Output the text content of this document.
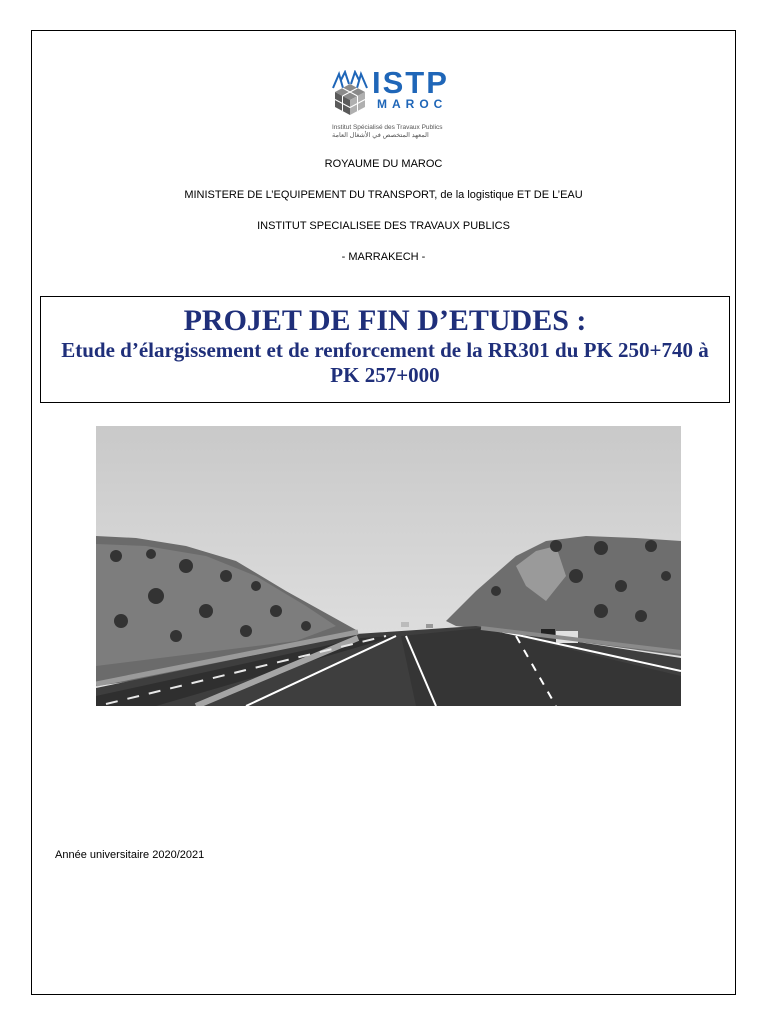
ISTP
MAROC
Institut Spécialisé des Travaux Publics
المعهد المتخصص في الأشغال العامة
ROYAUME DU MAROC
MINISTERE DE L’EQUIPEMENT DU TRANSPORT, de la logistique ET DE L’EAU
INSTITUT SPECIALISEE DES TRAVAUX PUBLICS
- MARRAKECH -
PROJET DE FIN D’ETUDES :
Etude d’élargissement et de renforcement de la RR301 du PK 250+740 à PK 257+000
Année universitaire 2020/2021
